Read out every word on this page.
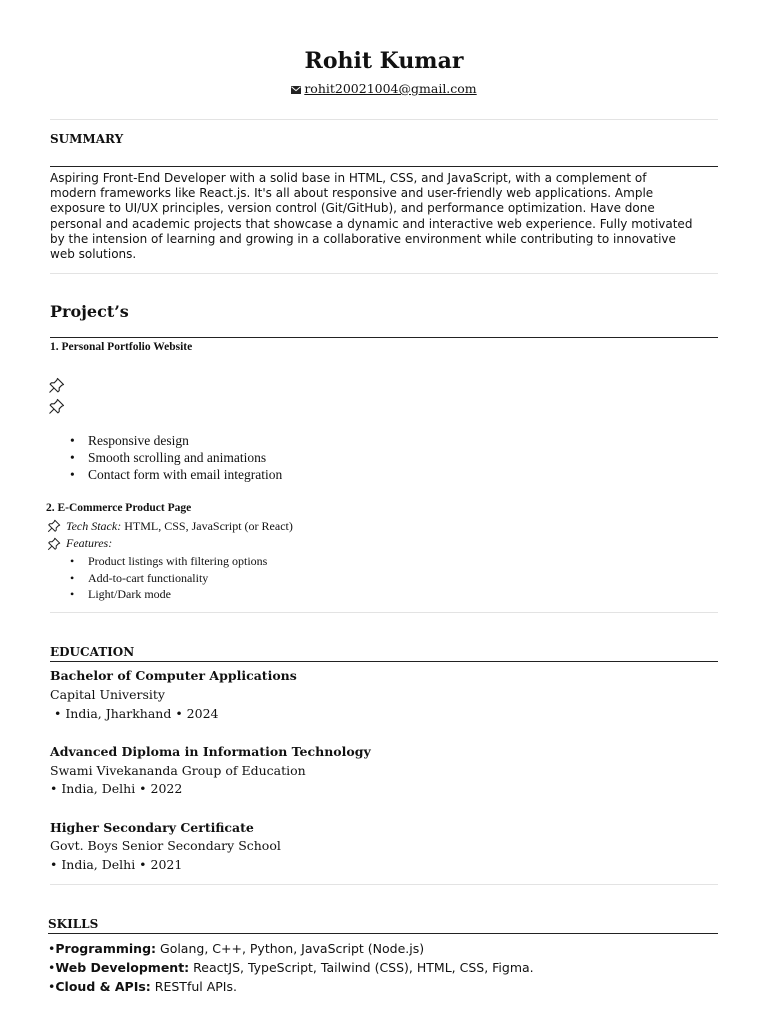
Rohit Kumar
rohit20021004@gmail.com
SUMMARY

Aspiring Front-End Developer with a solid base in HTML, CSS, and JavaScript, with a complement of

modern frameworks like React.js. It's all about responsive and user-friendly web applications. Ample

exposure to UI/UX principles, version control (Git/GitHub), and performance optimization. Have done

personal and academic projects that showcase a dynamic and interactive web experience. Fully motivated

by the intension of learning and growing in a collaborative environment while contributing to innovative

web solutions.

Project’s
1. Personal Portfolio Website
• Responsive design
• Smooth scrolling and animations
• Contact form with email integration
2. E-Commerce Product Page
Tech Stack: HTML, CSS, JavaScript (or React)
Features:
• Product listings with filtering options
• Add-to-cart functionality
• Light/Dark mode
EDUCATION
Bachelor of Computer Applications
Capital University
• India, Jharkhand • 2024
Advanced Diploma in Information Technology
Swami Vivekananda Group of Education
• India, Delhi • 2022
Higher Secondary Certificate
Govt. Boys Senior Secondary School
• India, Delhi • 2021
SKILLS
•Programming: Golang, C++, Python, JavaScript (Node.js)
•Web Development: ReactJS, TypeScript, Tailwind (CSS), HTML, CSS, Figma.
•Cloud & APIs: RESTful APIs.
